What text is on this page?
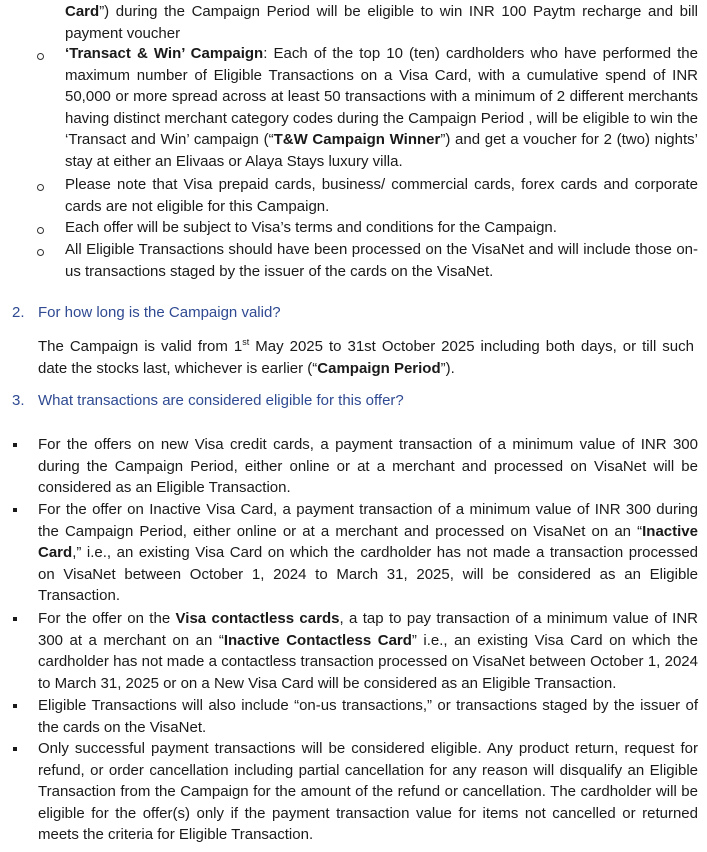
Card”) during the Campaign Period will be eligible to win INR 100 Paytm recharge and bill payment voucher

‘Transact & Win’ Campaign: Each of the top 10 (ten) cardholders who have performed the maximum number of Eligible Transactions on a Visa Card, with a cumulative spend of INR 50,000 or more spread across at least 50 transactions with a minimum of 2 different merchants having distinct merchant category codes during the Campaign Period , will be eligible to win the ‘Transact and Win’ campaign (“T&W Campaign Winner”) and get a voucher for 2 (two) nights’ stay at either an Elivaas or Alaya Stays luxury villa.

Please note that Visa prepaid cards, business/ commercial cards, forex cards and corporate cards are not eligible for this Campaign.

Each offer will be subject to Visa’s terms and conditions for the Campaign.

All Eligible Transactions should have been processed on the VisaNet and will include those on-us transactions staged by the issuer of the cards on the VisaNet.

2. For how long is the Campaign valid?

The Campaign is valid from 1st May 2025 to 31st October 2025 including both days, or till such date the stocks last, whichever is earlier (“Campaign Period”).

3. What transactions are considered eligible for this offer?

For the offers on new Visa credit cards, a payment transaction of a minimum value of INR 300 during the Campaign Period, either online or at a merchant and processed on VisaNet will be considered as an Eligible Transaction.

For the offer on Inactive Visa Card, a payment transaction of a minimum value of INR 300 during the Campaign Period, either online or at a merchant and processed on VisaNet on an “Inactive Card,” i.e., an existing Visa Card on which the cardholder has not made a transaction processed on VisaNet between October 1, 2024 to March 31, 2025, will be considered as an Eligible Transaction.

For the offer on the Visa contactless cards, a tap to pay transaction of a minimum value of INR 300 at a merchant on an “Inactive Contactless Card” i.e., an existing Visa Card on which the cardholder has not made a contactless transaction processed on VisaNet between October 1, 2024 to March 31, 2025 or on a New Visa Card will be considered as an Eligible Transaction.

Eligible Transactions will also include “on-us transactions,” or transactions staged by the issuer of the cards on the VisaNet.

Only successful payment transactions will be considered eligible. Any product return, request for refund, or order cancellation including partial cancellation for any reason will disqualify an Eligible Transaction from the Campaign for the amount of the refund or cancellation. The cardholder will be eligible for the offer(s) only if the payment transaction value for items not cancelled or returned meets the criteria for Eligible Transaction.
